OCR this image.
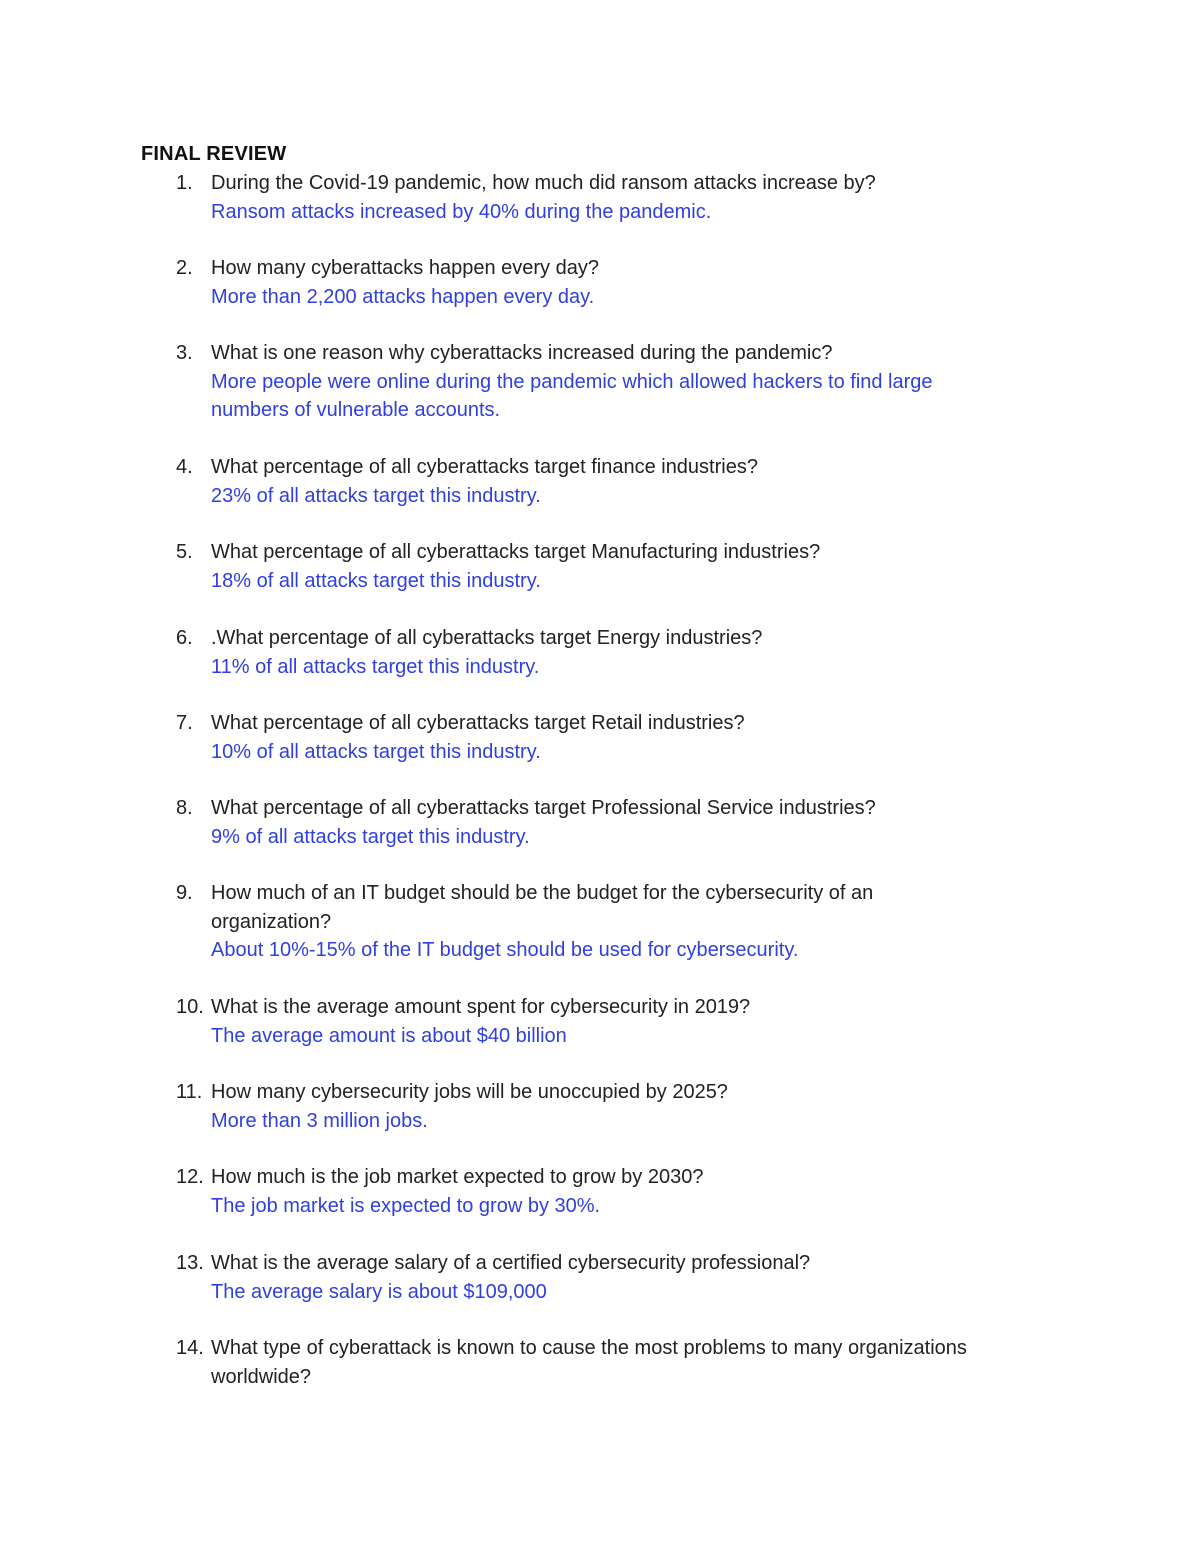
FINAL REVIEW
1. During the Covid-19 pandemic, how much did ransom attacks increase by?
Ransom attacks increased by 40% during the pandemic.
2. How many cyberattacks happen every day?
More than 2,200 attacks happen every day.
3. What is one reason why cyberattacks increased during the pandemic?
More people were online during the pandemic which allowed hackers to find large numbers of vulnerable accounts.
4. What percentage of all cyberattacks target finance industries?
23% of all attacks target this industry.
5. What percentage of all cyberattacks target Manufacturing industries?
18% of all attacks target this industry.
6. .What percentage of all cyberattacks target Energy industries?
11% of all attacks target this industry.
7. What percentage of all cyberattacks target Retail industries?
10% of all attacks target this industry.
8. What percentage of all cyberattacks target Professional Service industries?
9% of all attacks target this industry.
9. How much of an IT budget should be the budget for the cybersecurity of an organization?
About 10%-15% of the IT budget should be used for cybersecurity.
10. What is the average amount spent for cybersecurity in 2019?
The average amount is about $40 billion
11. How many cybersecurity jobs will be unoccupied by 2025?
More than 3 million jobs.
12. How much is the job market expected to grow by 2030?
The job market is expected to grow by 30%.
13. What is the average salary of a certified cybersecurity professional?
The average salary is about $109,000
14. What type of cyberattack is known to cause the most problems to many organizations worldwide?
